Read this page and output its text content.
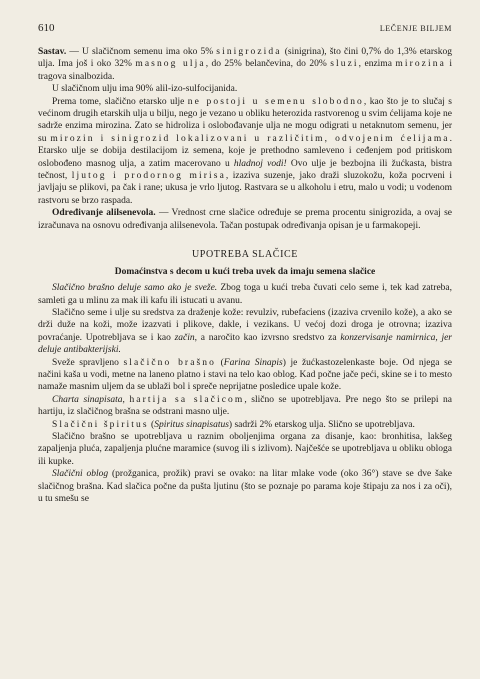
610	LEČENJE BILJEM

Sastav. — U slačičnom semenu ima oko 5% sinigrozida (sinigrina), što čini 0,7% do 1,3% etarskog ulja. Ima još i oko 32% masnog ulja, do 25% belančevina, do 20% sluzi, enzima mirozina i tragova sinalbozida.

U slačičnom ulju ima 90% alil-izo-sulfocijanida.

Prema tome, slačično etarsko ulje ne postoji u semenu slobodno, kao što je to slučaj s većinom drugih etarskih ulja u bilju, nego je vezano u obliku heterozida rastvorenog u svim ćelijama koje ne sadrže enzima mirozina. Zato se hidroliza i oslobođavanje ulja ne mogu odigrati u netaknutom semenu, jer su mirozin i sinigrozid lokalizovani u različitim, odvojenim ćelijama. Etarsko ulje se dobija destilacijom iz semena, koje je prethodno samleveno i ceđenjem pod pritiskom oslobođeno masnog ulja, a zatim macerovano u hladnoj vodi! Ovo ulje je bezbojna ili žućkasta, bistra tečnost, ljutog i prodornog mirisa, izaziva suzenje, jako draži sluzokožu, koža pocrveni i javljaju se plikovi, pa čak i rane; ukusa je vrlo ljutog. Rastvara se u alkoholu i etru, malo u vodi; u vodenom rastvoru se brzo raspada.

Određivanje alilsenevola. — Vrednost crne slačice određuje se prema procentu sinigrozida, a ovaj se izračunava na osnovu određivanja alilsenevola. Tačan postupak određivanja opisan je u farmakopeji.

UPOTREBA SLAČICE
Domaćinstva s decom u kući treba uvek da imaju semena slačice

Slačično brašno deluje samo ako je sveže. Zbog toga u kući treba čuvati celo seme i, tek kad zatreba, samleti ga u mlinu za mak ili kafu ili istucati u avanu.

Slačično seme i ulje su sredstva za draženje kože: revulziv, rubefaciens (izaziva crvenilo kože), a ako se drži duže na koži, može izazvati i plikove, dakle, i vezikans. U većoj dozi droga je otrovna; izaziva povraćanje. Upotrebljava se i kao začin, a naročito kao izvrsno sredstvo za konzervisanje namirnica, jer deluje antibakterijski.

Sveže spravljeno slačično brašno (Farina Sinapis) je žućkastozelenkaste boje. Od njega se načini kaša u vodi, metne na laneno platno i stavi na telo kao oblog. Kad počne jače peći, skine se i to mesto namaže masnim uljem da se ublaži bol i spreče neprijatne posledice upale kože.

Charta sinapisata, hartija sa slačicom, slično se upotrebljava. Pre nego što se prilepi na hartiju, iz slačičnog brašna se odstrani masno ulje.

Slačični špiritus (Spiritus sinapisatus) sadrži 2% etarskog ulja. Slično se upotrebljava.

Slačično brašno se upotrebljava u raznim oboljenjima organa za disanje, kao: bronhitisa, lakšeg zapaljenja plućа, zapaljenja plućne maramice (suvog ili s izlivom). Najčešće se upotrebljava u obliku obloga ili kupke.

Slačični oblog (prožganica, prožik) pravi se ovako: na litar mlake vode (oko 36°) stave se dve šake slačičnog brašna. Kad slačica počne da pušta ljutinu (što se poznaje po parama koje štipaju za nos i za oči), u tu smešu se
